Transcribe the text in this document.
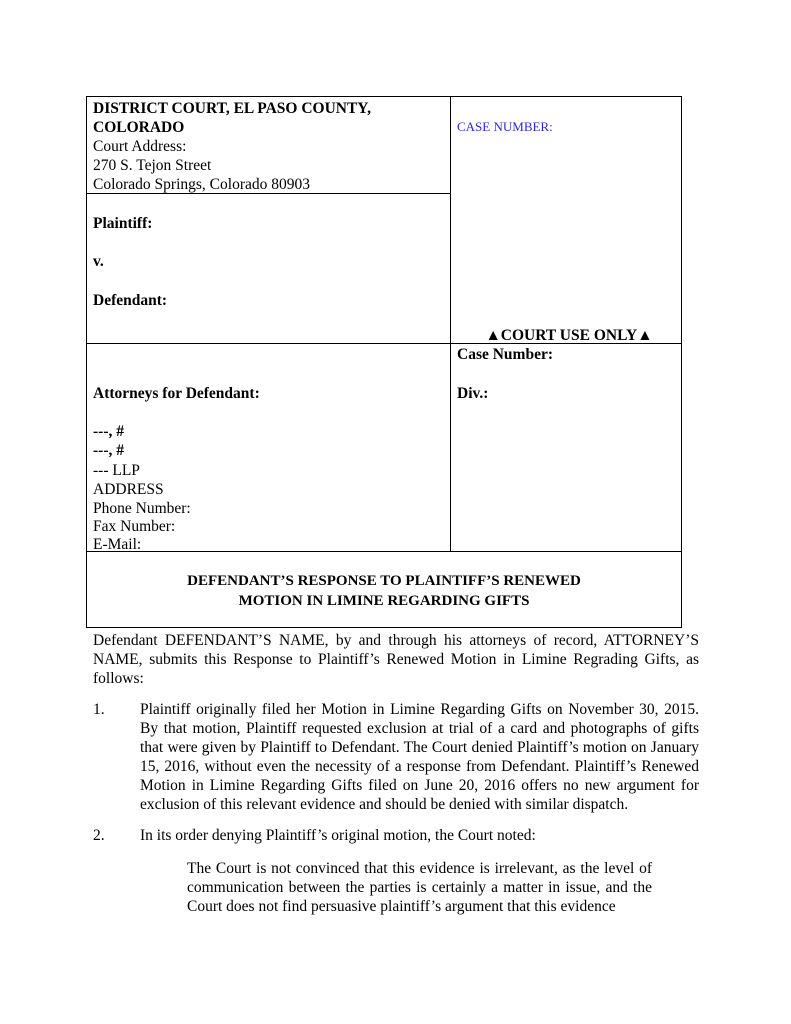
DISTRICT COURT, EL PASO COUNTY,
COLORADO
Court Address:
270 S. Tejon Street
Colorado Springs, Colorado 80903
Plaintiff:
v.
Defendant:
CASE NUMBER:
▲COURT USE ONLY▲
Attorneys for Defendant:
---, #
---, #
--- LLP
ADDRESS
Phone Number:
Fax Number:
E-Mail:
Case Number:
Div.:
DEFENDANT’S RESPONSE TO PLAINTIFF’S RENEWED
MOTION IN LIMINE REGARDING GIFTS
Defendant DEFENDANT’S NAME, by and through his attorneys of record, ATTORNEY’S NAME, submits this Response to Plaintiff’s Renewed Motion in Limine Regrading Gifts, as follows:
1. Plaintiff originally filed her Motion in Limine Regarding Gifts on November 30, 2015. By that motion, Plaintiff requested exclusion at trial of a card and photographs of gifts that were given by Plaintiff to Defendant. The Court denied Plaintiff’s motion on January 15, 2016, without even the necessity of a response from Defendant. Plaintiff’s Renewed Motion in Limine Regarding Gifts filed on June 20, 2016 offers no new argument for exclusion of this relevant evidence and should be denied with similar dispatch.
2. In its order denying Plaintiff’s original motion, the Court noted:
The Court is not convinced that this evidence is irrelevant, as the level of communication between the parties is certainly a matter in issue, and the Court does not find persuasive plaintiff’s argument that this evidence
